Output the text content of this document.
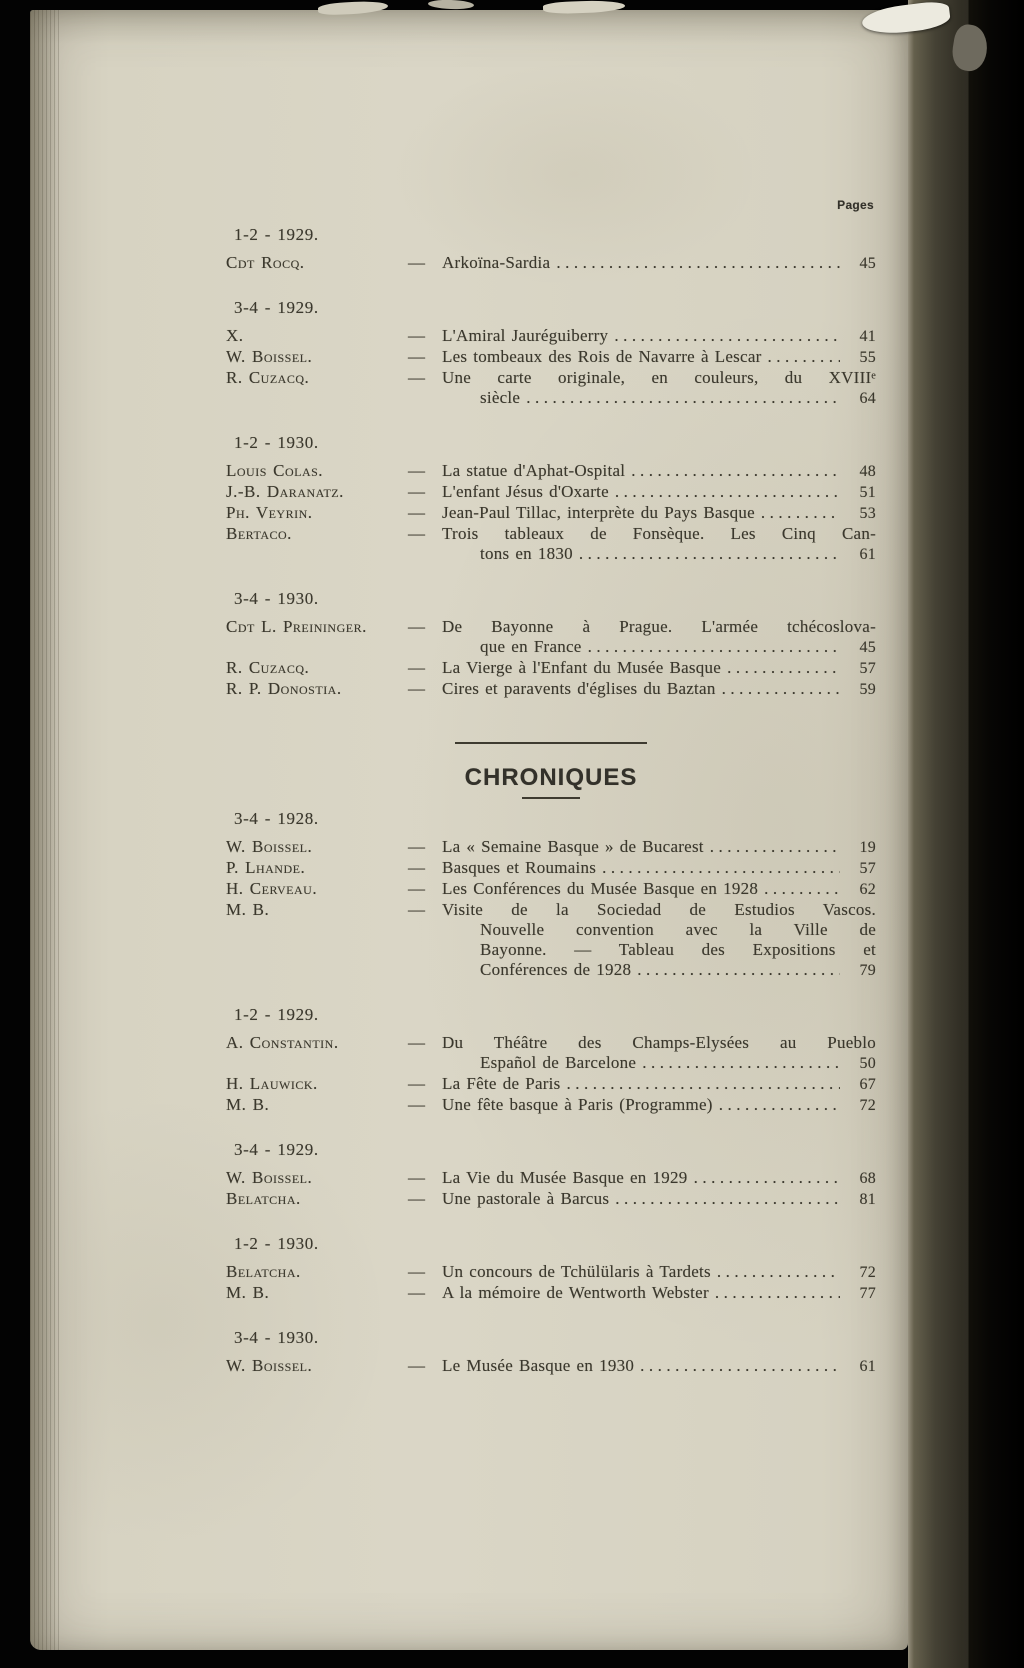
Pages
1-2 - 1929.
Cdt Rocq.	— Arkoïna-Sardia .....	45
3-4 - 1929.
X.	— L'Amiral Jauréguiberry .....	41
W. Boissel.	— Les tombeaux des Rois de Navarre à Lescar .....	55
R. Cuzacq.	— Une carte originale, en couleurs, du XVIIIᵉ
siècle .....	64
1-2 - 1930.
Louis Colas.	— La statue d'Aphat-Ospital .....	48
J.-B. Daranatz.	— L'enfant Jésus d'Oxarte .....	51
Ph. Veyrin.	— Jean-Paul Tillac, interprète du Pays Basque .....	53
Bertaco.	— Trois tableaux de Fonsèque. Les Cinq Can-
tons en 1830 .....	61
3-4 - 1930.
Cdt L. Preininger.	— De Bayonne à Prague. L'armée tchécoslova-
que en France .....	45
R. Cuzacq.	— La Vierge à l'Enfant du Musée Basque .....	57
R. P. Donostia.	— Cires et paravents d'églises du Baztan .....	59
CHRONIQUES
3-4 - 1928.
W. Boissel.	— La « Semaine Basque » de Bucarest .....	19
P. Lhande.	— Basques et Roumains .....	57
H. Cerveau.	— Les Conférences du Musée Basque en 1928 .....	62
M. B.	— Visite de la Sociedad de Estudios Vascos.
Nouvelle convention avec la Ville de
Bayonne. — Tableau des Expositions et
Conférences de 1928 .....	79
1-2 - 1929.
A. Constantin.	— Du Théâtre des Champs-Elysées au Pueblo
Español de Barcelone .....	50
H. Lauwick.	— La Fête de Paris .....	67
M. B.	— Une fête basque à Paris (Programme) .....	72
3-4 - 1929.
W. Boissel.	— La Vie du Musée Basque en 1929 .....	68
Belatcha.	— Une pastorale à Barcus .....	81
1-2 - 1930.
Belatcha.	— Un concours de Tchülülaris à Tardets .....	72
M. B.	— A la mémoire de Wentworth Webster .....	77
3-4 - 1930.
W. Boissel.	— Le Musée Basque en 1930 .....	61
